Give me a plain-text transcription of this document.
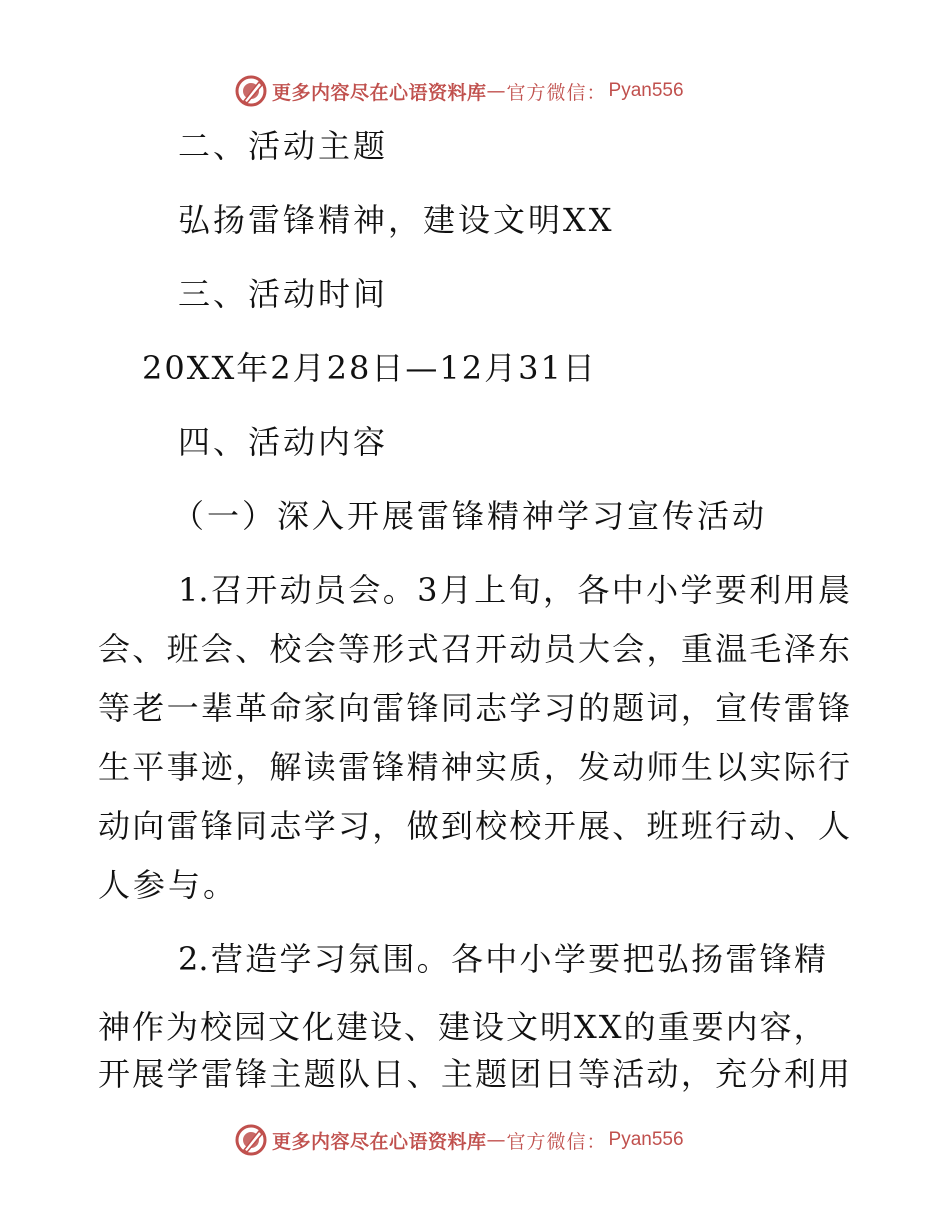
更多内容尽在心语资料库 — 官方微信： Pyan556
二、活动主题
弘扬雷锋精神，建设文明XX
三、活动时间
20XX年2月28日—12月31日
四、活动内容
（一）深入开展雷锋精神学习宣传活动
1.召开动员会。3月上旬，各中小学要利用晨
会、班会、校会等形式召开动员大会，重温毛泽东
等老一辈革命家向雷锋同志学习的题词，宣传雷锋
生平事迹，解读雷锋精神实质，发动师生以实际行
动向雷锋同志学习，做到校校开展、班班行动、人
人参与。
2.营造学习氛围。各中小学要把弘扬雷锋精
神作为校园文化建设、建设文明XX的重要内容，
开展学雷锋主题队日、主题团日等活动，充分利用
更多内容尽在心语资料库 — 官方微信： Pyan556
